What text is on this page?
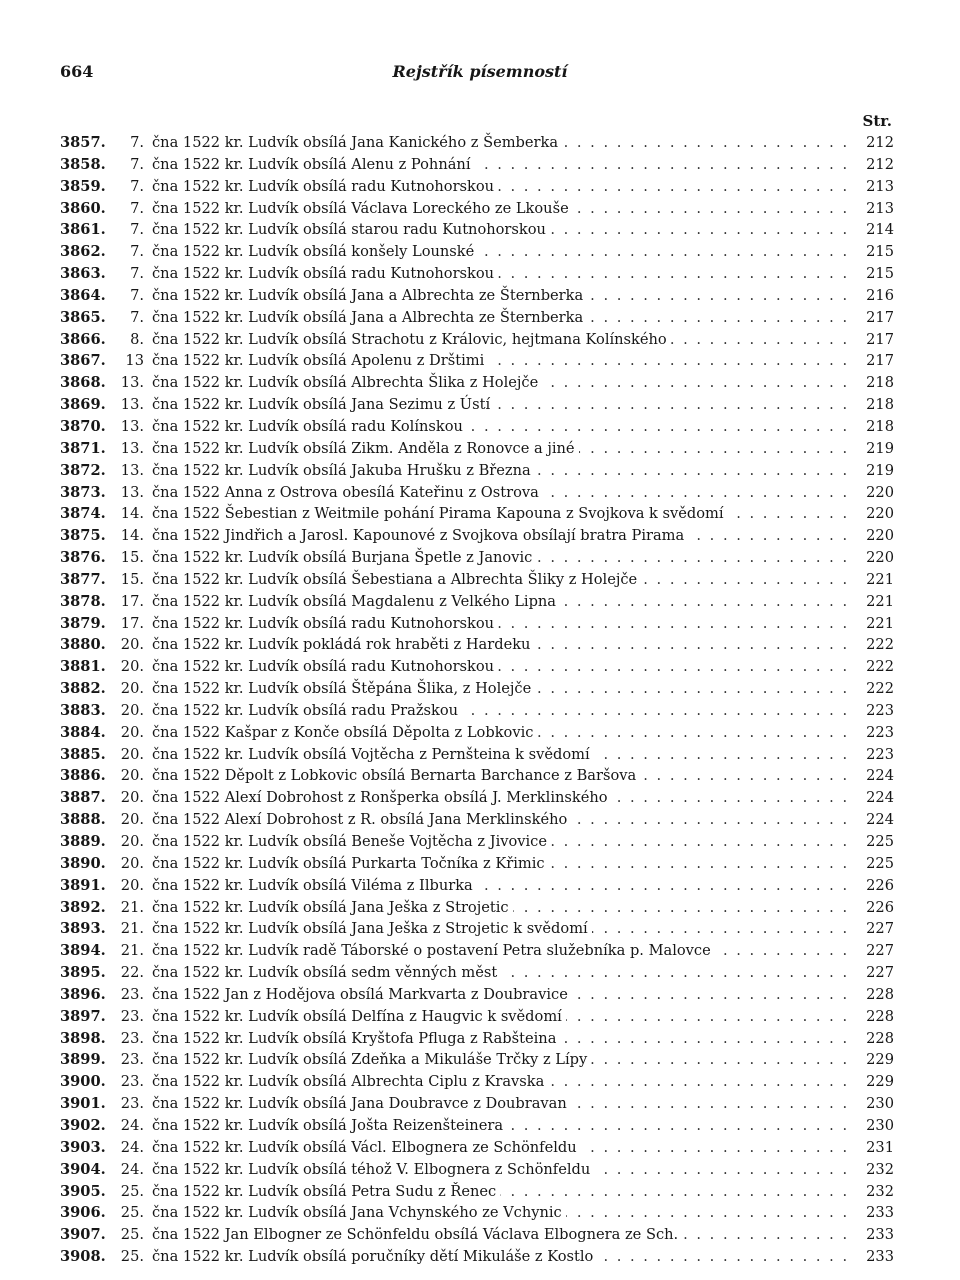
664	Rejstřík písemností
Str.
3857.	7. čna 1522 kr. Ludvík obsílá Jana Kanického z Šemberka . . .	212
3858.	7. čna 1522 kr. Ludvík obsílá Alenu z Pohnání . . .	212
3859.	7. čna 1522 kr. Ludvík obsílá radu Kutnohorskou . . .	213
3860.	7. čna 1522 kr. Ludvík obsílá Václava Loreckého ze Lkouše . . .	213
3861.	7. čna 1522 kr. Ludvík obsílá starou radu Kutnohorskou . . .	214
3862.	7. čna 1522 kr. Ludvík obsílá konšely Lounské . . .	215
3863.	7. čna 1522 kr. Ludvík obsílá radu Kutnohorskou . . .	215
3864.	7. čna 1522 kr. Ludvík obsílá Jana a Albrechta ze Šternberka . . .	216
3865.	7. čna 1522 kr. Ludvík obsílá Jana a Albrechta ze Šternberka . . .	217
3866.	8. čna 1522 kr. Ludvík obsílá Strachotu z Královic, hejtmana Kolínského . . .	217
3867.	13 čna 1522 kr. Ludvík obsílá Apolenu z Drštimi . . .	217
3868.	13. čna 1522 kr. Ludvík obsílá Albrechta Šlika z Holejče . . .	218
3869.	13. čna 1522 kr. Ludvík obsílá Jana Sezimu z Ústí . . .	218
3870.	13. čna 1522 kr. Ludvík obsílá radu Kolínskou . . .	218
3871.	13. čna 1522 kr. Ludvík obsílá Zikm. Anděla z Ronovce a jiné . . .	219
3872.	13. čna 1522 kr. Ludvík obsílá Jakuba Hrušku z Března . . .	219
3873.	13. čna 1522 Anna z Ostrova obesílá Kateřinu z Ostrova . . .	220
3874.	14. čna 1522 Šebestian z Weitmile pohání Pirama Kapounа z Svojkova k svědomí . . .	220
3875.	14. čna 1522 Jindřich a Jarosl. Kapounové z Svojkova obsílají bratra Pirama . . .	220
3876.	15. čna 1522 kr. Ludvík obsílá Burjana Špetle z Janovic . . .	220
3877.	15. čna 1522 kr. Ludvík obsílá Šebestiana a Albrechta Šliky z Holejče . . .	221
3878.	17. čna 1522 kr. Ludvík obsílá Magdalenu z Velkého Lipna . . .	221
3879.	17. čna 1522 kr. Ludvík obsílá radu Kutnohorskou . . .	221
3880.	20. čna 1522 kr. Ludvík pokládá rok hraběti z Hardeku . . .	222
3881.	20. čna 1522 kr. Ludvík obsílá radu Kutnohorskou . . .	222
3882.	20. čna 1522 kr. Ludvík obsílá Štěpána Šlika, z Holejče . . .	222
3883.	20. čna 1522 kr. Ludvík obsílá radu Pražskou . . .	223
3884.	20. čna 1522 Kašpar z Konče obsílá Děpolta z Lobkovic . . .	223
3885.	20. čna 1522 kr. Ludvík obsílá Vojtěcha z Pernšteina k svědomí . . .	223
3886.	20. čna 1522 Děpolt z Lobkovic obsílá Bernarta Barchance z Baršova . . .	224
3887.	20. čna 1522 Alexí Dobrohost z Ronšperka obsílá J. Merklinského . . .	224
3888.	20. čna 1522 Alexí Dobrohost z R. obsílá Jana Merklinského . . .	224
3889.	20. čna 1522 kr. Ludvík obsílá Beneše Vojtěcha z Jivovice . . .	225
3890.	20. čna 1522 kr. Ludvík obsílá Purkarta Točníka z Křimic . . .	225
3891.	20. čna 1522 kr. Ludvík obsílá Viléma z Ilburka . . .	226
3892.	21. čna 1522 kr. Ludvík obsílá Jana Ješka z Strojetic . . .	226
3893.	21. čna 1522 kr. Ludvík obsílá Jana Ješka z Strojetic k svědomí . . .	227
3894.	21. čna 1522 kr. Ludvík radě Táborské o postavení Petra služebníka p. Malovce . . .	227
3895.	22. čna 1522 kr. Ludvík obsílá sedm věnných měst . . .	227
3896.	23. čna 1522 Jan z Hodějova obsílá Markvarta z Doubravice . . .	228
3897.	23. čna 1522 kr. Ludvík obsílá Delfína z Haugvic k svědomí . . .	228
3898.	23. čna 1522 kr. Ludvík obsílá Kryštofa Pfluga z Rabšteina . . .	228
3899.	23. čna 1522 kr. Ludvík obsílá Zdeňka a Mikuláše Trčky z Lípy . . .	229
3900.	23. čna 1522 kr. Ludvík obsílá Albrechta Ciplu z Kravska . . .	229
3901.	23. čna 1522 kr. Ludvík obsílá Jana Doubravce z Doubravan . . .	230
3902.	24. čna 1522 kr. Ludvík obsílá Jošta Reizenšteinera . . .	230
3903.	24. čna 1522 kr. Ludvík obsílá Václ. Elbognera ze Schönfeldu . . .	231
3904.	24. čna 1522 kr. Ludvík obsílá téhož V. Elbognera z Schönfeldu . . .	232
3905.	25. čna 1522 kr. Ludvík obsílá Petra Sudu z Řenec . . .	232
3906.	25. čna 1522 kr. Ludvík obsílá Jana Vchynského ze Vchynic . . .	233
3907.	25. čna 1522 Jan Elbogner ze Schönfeldu obsílá Václava Elbognera ze Sch. . . .	233
3908.	25. čna 1522 kr. Ludvík obsílá poručníky dětí Mikuláše z Kostlo . . .	233
